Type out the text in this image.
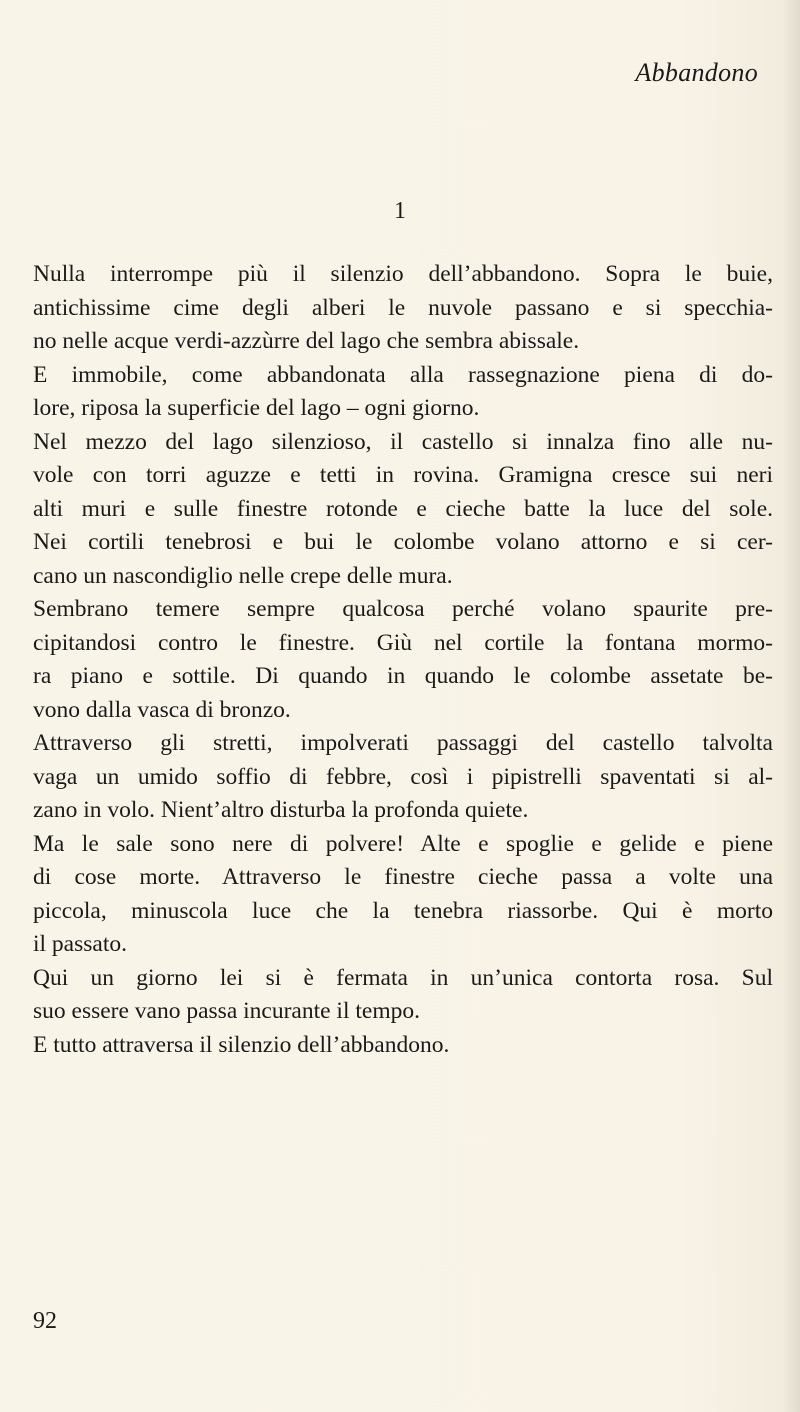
Abbandono
1
Nulla interrompe più il silenzio dell’abbandono. Sopra le buie,
antichissime cime degli alberi le nuvole passano e si specchia-
no nelle acque verdi-azzùrre del lago che sembra abissale.
E immobile, come abbandonata alla rassegnazione piena di do-
lore, riposa la superficie del lago – ogni giorno.
Nel mezzo del lago silenzioso, il castello si innalza fino alle nu-
vole con torri aguzze e tetti in rovina. Gramigna cresce sui neri
alti muri e sulle finestre rotonde e cieche batte la luce del sole.
Nei cortili tenebrosi e bui le colombe volano attorno e si cer-
cano un nascondiglio nelle crepe delle mura.
Sembrano temere sempre qualcosa perché volano spaurite pre-
cipitandosi contro le finestre. Giù nel cortile la fontana mormo-
ra piano e sottile. Di quando in quando le colombe assetate be-
vono dalla vasca di bronzo.
Attraverso gli stretti, impolverati passaggi del castello talvolta
vaga un umido soffio di febbre, così i pipistrelli spaventati si al-
zano in volo. Nient’altro disturba la profonda quiete.
Ma le sale sono nere di polvere! Alte e spoglie e gelide e piene
di cose morte. Attraverso le finestre cieche passa a volte una
piccola, minuscola luce che la tenebra riassorbe. Qui è morto
il passato.
Qui un giorno lei si è fermata in un’unica contorta rosa. Sul
suo essere vano passa incurante il tempo.
E tutto attraversa il silenzio dell’abbandono.
92
